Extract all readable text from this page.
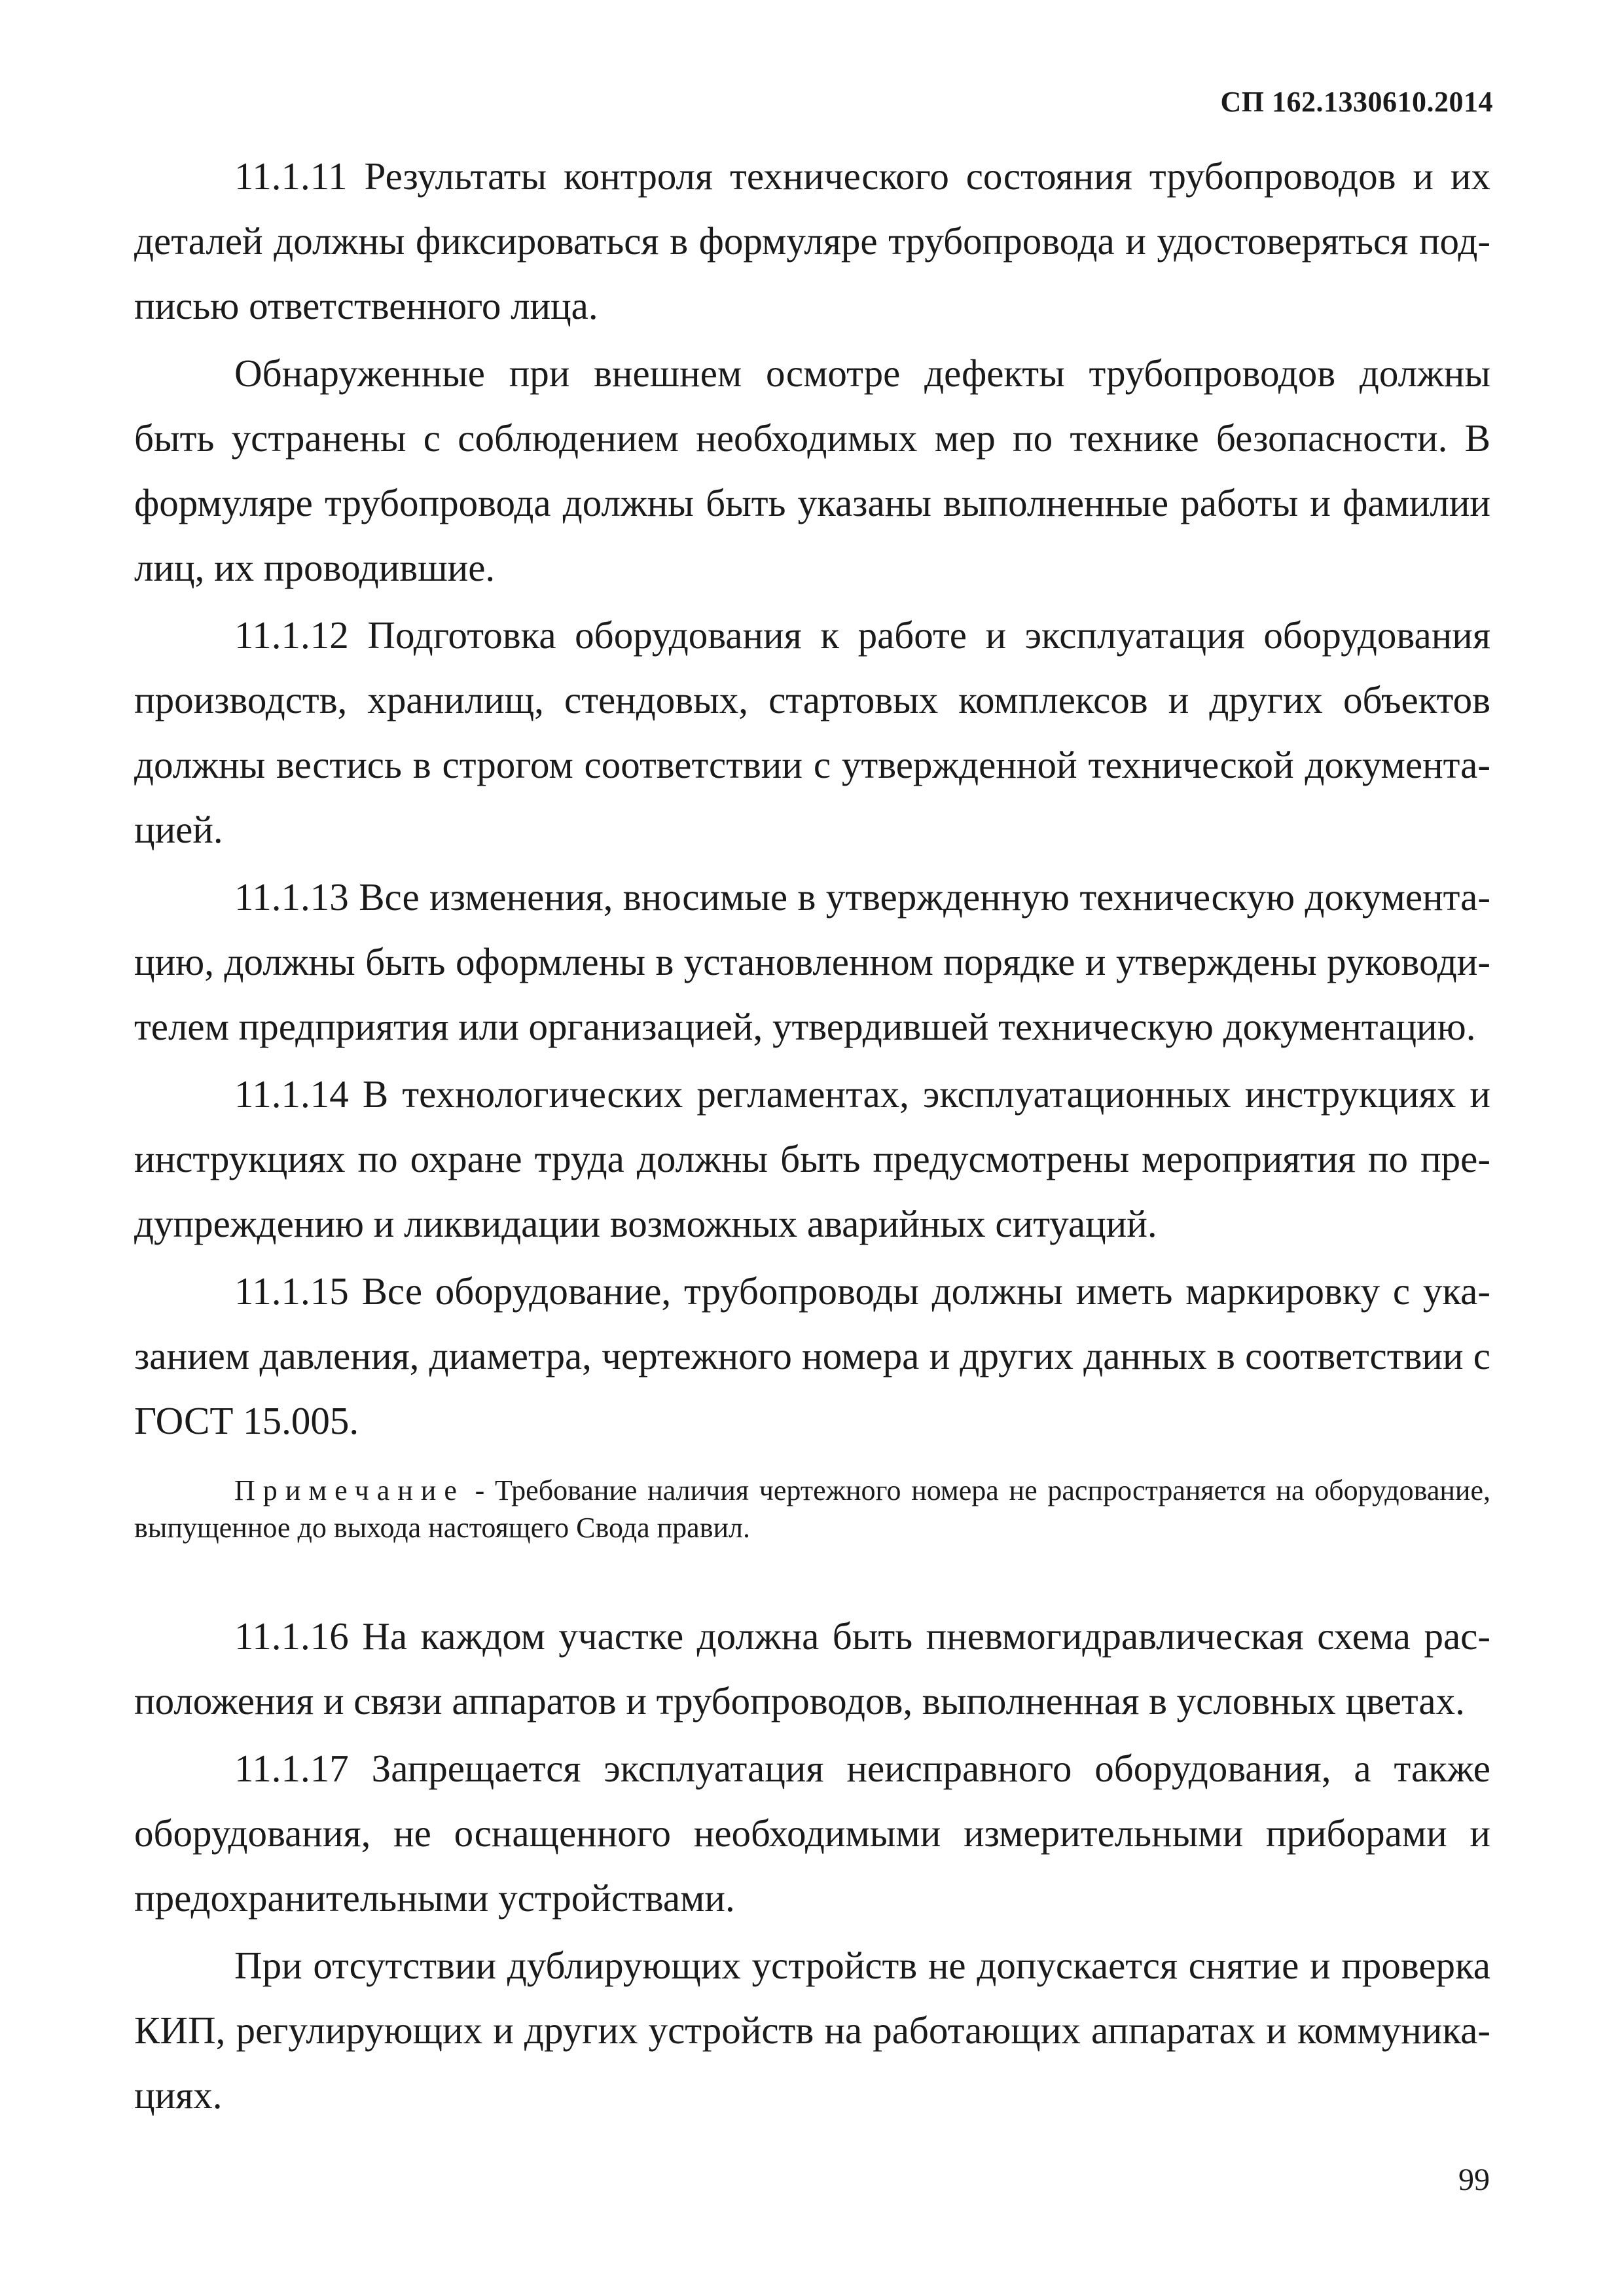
СП 162.1330610.2014

11.1.11 Результаты контроля технического состояния трубопроводов и их деталей должны фиксироваться в формуляре трубопровода и удостоверяться подписью ответственного лица.

Обнаруженные при внешнем осмотре дефекты трубопроводов должны быть устранены с соблюдением необходимых мер по технике безопасности. В формуляре трубопровода должны быть указаны выполненные работы и фамилии лиц, их проводившие.

11.1.12 Подготовка оборудования к работе и эксплуатация оборудования производств, хранилищ, стендовых, стартовых комплексов и других объектов должны вестись в строгом соответствии с утвержденной технической документацией.

11.1.13 Все изменения, вносимые в утвержденную техническую документацию, должны быть оформлены в установленном порядке и утверждены руководителем предприятия или организацией, утвердившей техническую документацию.

11.1.14 В технологических регламентах, эксплуатационных инструкциях и инструкциях по охране труда должны быть предусмотрены мероприятия по предупреждению и ликвидации возможных аварийных ситуаций.

11.1.15 Все оборудование, трубопроводы должны иметь маркировку с указанием давления, диаметра, чертежного номера и других данных в соответствии с ГОСТ 15.005.

Примечание - Требование наличия чертежного номера не распространяется на оборудование, выпущенное до выхода настоящего Свода правил.

11.1.16 На каждом участке должна быть пневмогидравлическая схема расположения и связи аппаратов и трубопроводов, выполненная в условных цветах.

11.1.17 Запрещается эксплуатация неисправного оборудования, а также оборудования, не оснащенного необходимыми измерительными приборами и предохранительными устройствами.

При отсутствии дублирующих устройств не допускается снятие и проверка КИП, регулирующих и других устройств на работающих аппаратах и коммуникациях.

99
